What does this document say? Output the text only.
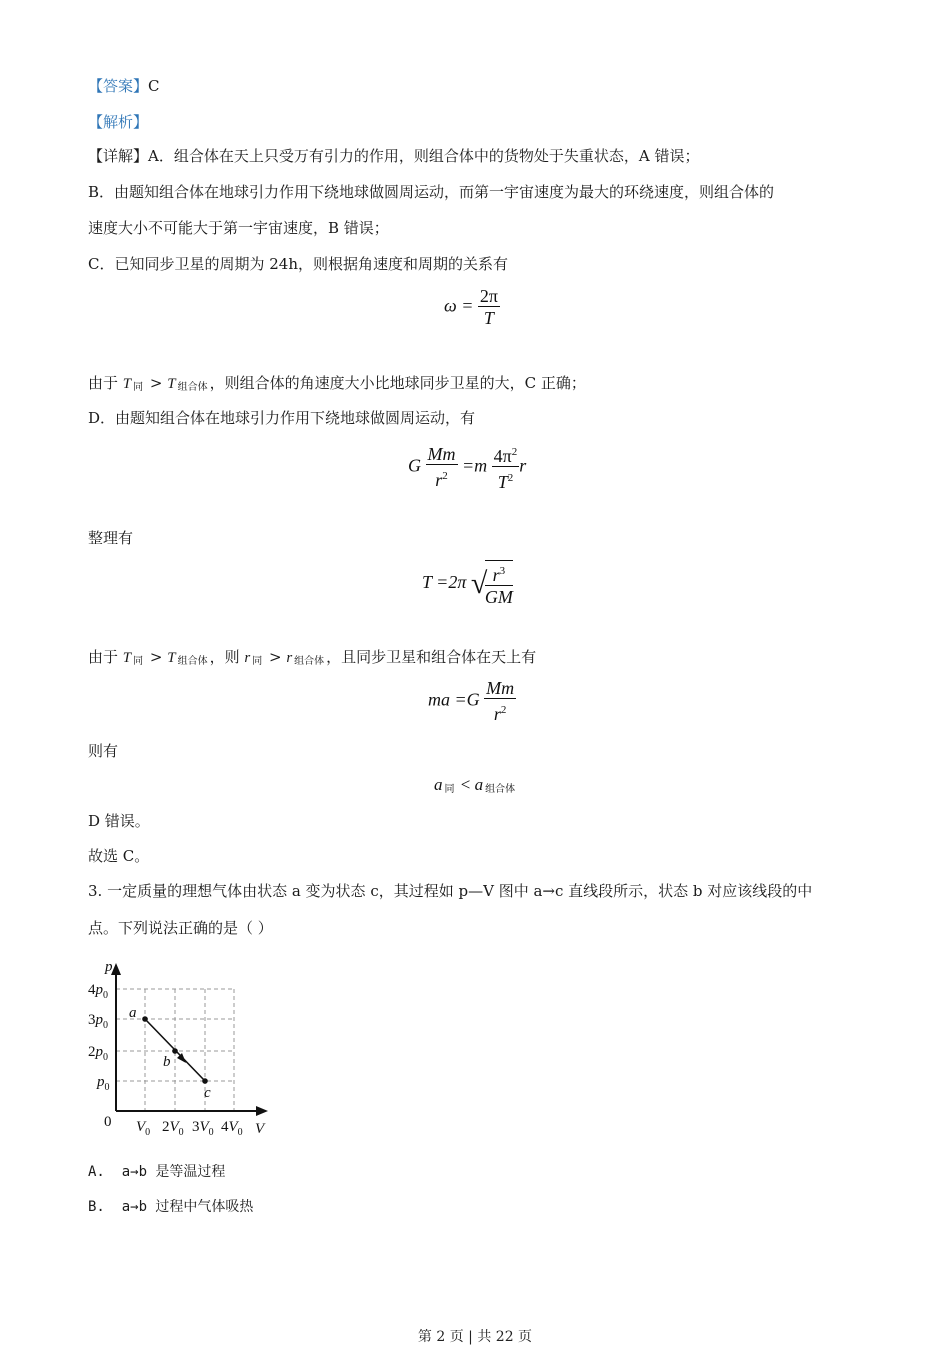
【答案】C
【解析】
【详解】A．组合体在天上只受万有引力的作用，则组合体中的货物处于失重状态，A 错误；
B．由题知组合体在地球引力作用下绕地球做圆周运动，而第一宇宙速度为最大的环绕速度，则组合体的
速度大小不可能大于第一宇宙速度，B 错误；
C．已知同步卫星的周期为 24h，则根据角速度和周期的关系有
$\omega = \frac{2\pi}{T}$
由于 T 同 > T 组合体 ，则组合体的角速度大小比地球同步卫星的大，C 正确；
D．由题知组合体在地球引力作用下绕地球做圆周运动，有
G $\frac{Mm}{r^2} =m \frac{4\pi^2}{T^2}$ r
整理有
T =2π √
$\frac{r^3}{GM}$
由于 T 同 > T 组合体 ，则 r 同 > r 组合体 ，且同步卫星和组合体在天上有
ma $=G \frac{Mm}{r^2}$
则有
a同 < a 组合体
D 错误。
故选 C。
3. 一定质量的理想气体由状态 a 变为状态 c，其过程如 p—V 图中 a→c 直线段所示，状态 b 对应该线段的中
点。下列说法正确的是（ ）
a
b
c
p
V
$4p_0$
$3p_0$
$2p_0$
$p_0$
0 $V_0$ $2V_0$ $3V_0$ $4V_0$
A. a→b 是等温过程
B. a→b 过程中气体吸热
第 2 页 | 共 22 页
